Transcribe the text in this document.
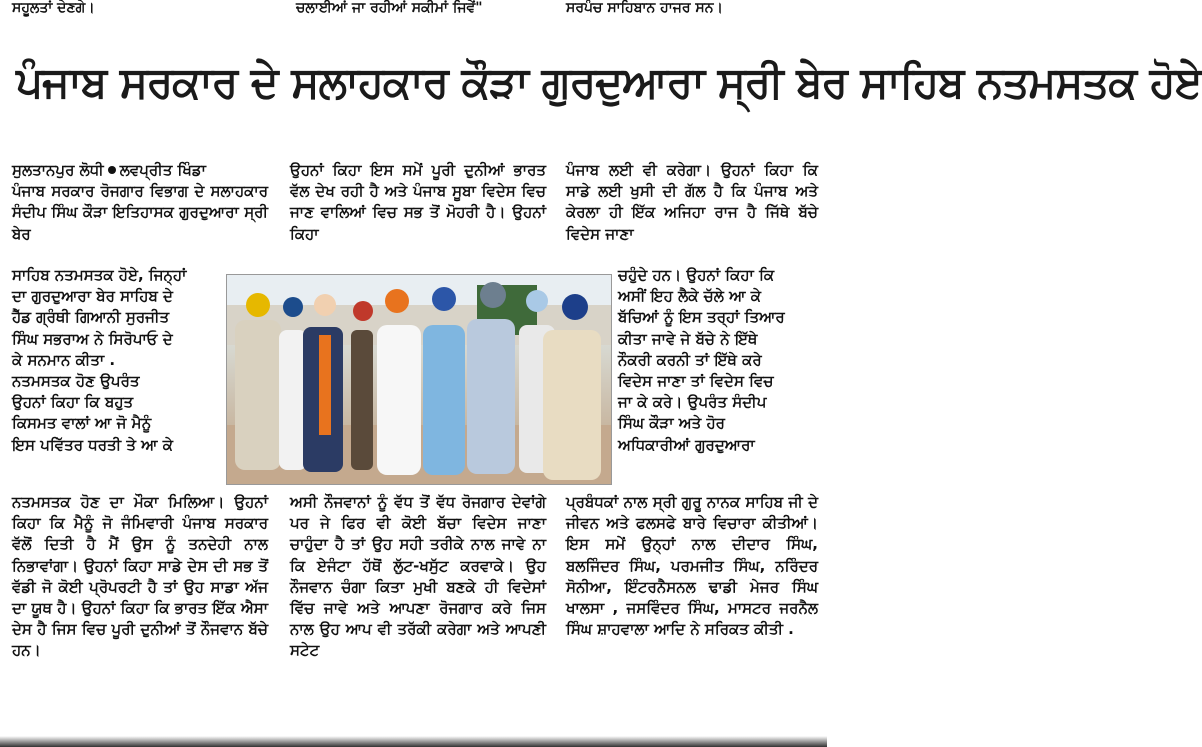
ਸਹੂਲਤਾਂ ਦੇਣਗੇ।	ਚਲਾਈਆਂ ਜਾ ਰਹੀਆਂ ਸਕੀਮਾਂ ਜਿਵੇਂ"	ਸਰਪੰਚ ਸਾਹਿਬਾਨ ਹਾਜਰ ਸਨ।
ਪੰਜਾਬ ਸਰਕਾਰ ਦੇ ਸਲਾਹਕਾਰ ਕੌੜਾ ਗੁਰਦੁਆਰਾ ਸ੍ਰੀ ਬੇਰ ਸਾਹਿਬ ਨਤਮਸਤਕ ਹੋਏ
ਸੁਲਤਾਨਪੁਰ ਲੋਧੀ ਲਵਪ੍ਰੀਤ ਖਿੰਡਾ
ਪੰਜਾਬ ਸਰਕਾਰ ਰੋਜਗਾਰ ਵਿਭਾਗ ਦੇ ਸਲਾਹਕਾਰ ਸੰਦੀਪ ਸਿੰਘ ਕੌੜਾ ਇਤਿਹਾਸਕ ਗੁਰਦੁਆਰਾ ਸ੍ਰੀ ਬੇਰ
ਸਾਹਿਬ ਨਤਮਸਤਕ ਹੋਏ, ਜਿਨ੍ਹਾਂ
ਦਾ ਗੁਰਦੁਆਰਾ ਬੇਰ ਸਾਹਿਬ ਦੇ
ਹੈੱਡ ਗ੍ਰੰਥੀ ਗਿਆਨੀ ਸੁਰਜੀਤ
ਸਿੰਘ ਸਭਰਾਅ ਨੇ ਸਿਰੋਪਾਓ ਦੇ
ਕੇ ਸਨਮਾਨ ਕੀਤਾ .
ਨਤਮਸਤਕ ਹੋਣ ਉਪਰੰਤ
ਉਹਨਾਂ ਕਿਹਾ ਕਿ ਬਹੁਤ
ਕਿਸਮਤ ਵਾਲਾਂ ਆ ਜੋ ਮੈਨੂੰ
ਇਸ ਪਵਿੱਤਰ ਧਰਤੀ ਤੇ ਆ ਕੇ
ਨਤਮਸਤਕ ਹੋਣ ਦਾ ਮੌਕਾ ਮਿਲਿਆ। ਉਹਨਾਂ ਕਿਹਾ ਕਿ ਮੈਨੂੰ ਜੋ ਜੰਮਿਵਾਰੀ ਪੰਜਾਬ ਸਰਕਾਰ ਵੱਲੋਂ ਦਿਤੀ ਹੈ ਮੈਂ ਉਸ ਨੂੰ ਤਨਦੇਹੀ ਨਾਲ ਨਿਭਾਵਾਂਗਾ। ਉਹਨਾਂ ਕਿਹਾ ਸਾਡੇ ਦੇਸ ਦੀ ਸਭ ਤੋਂ ਵੱਡੀ ਜੋ ਕੋਈ ਪ੍ਰੋਪਰਟੀ ਹੈ ਤਾਂ ਉਹ ਸਾਡਾ ਅੱਜ ਦਾ ਯੂਥ ਹੈ। ਉਹਨਾਂ ਕਿਹਾ ਕਿ ਭਾਰਤ ਇੱਕ ਐਸਾ ਦੇਸ ਹੈ ਜਿਸ ਵਿਚ ਪੂਰੀ ਦੁਨੀਆਂ ਤੋਂ ਨੌਜਵਾਨ ਬੱਚੇ ਹਨ।
ਉਹਨਾਂ ਕਿਹਾ ਇਸ ਸਮੇਂ ਪੂਰੀ ਦੁਨੀਆਂ ਭਾਰਤ ਵੱਲ ਦੇਖ ਰਹੀ ਹੈ ਅਤੇ ਪੰਜਾਬ ਸੂਬਾ ਵਿਦੇਸ ਵਿਚ ਜਾਣ ਵਾਲਿਆਂ ਵਿਚ ਸਭ ਤੋਂ ਮੋਹਰੀ ਹੈ। ਉਹਨਾਂ ਕਿਹਾ
ਅਸੀ ਨੌਜਵਾਨਾਂ ਨੂੰ ਵੱਧ ਤੋਂ ਵੱਧ ਰੋਜਗਾਰ ਦੇਵਾਂਗੇ ਪਰ ਜੇ ਫਿਰ ਵੀ ਕੋਈ ਬੱਚਾ ਵਿਦੇਸ ਜਾਣਾ ਚਾਹੁੰਦਾ ਹੈ ਤਾਂ ਉਹ ਸਹੀ ਤਰੀਕੇ ਨਾਲ ਜਾਵੇ ਨਾ ਕਿ ਏਜੰਟਾ ਹੱਥੋਂ ਲੁੱਟ-ਖਸੁੱਟ ਕਰਵਾਕੇ। ਉਹ ਨੌਜਵਾਨ ਚੰਗਾ ਕਿਤਾ ਮੁਖੀ ਬਣਕੇ ਹੀ ਵਿਦੇਸਾਂ ਵਿੱਚ ਜਾਵੇ ਅਤੇ ਆਪਣਾ ਰੋਜਗਾਰ ਕਰੇ ਜਿਸ ਨਾਲ ਉਹ ਆਪ ਵੀ ਤਰੱਕੀ ਕਰੇਗਾ ਅਤੇ ਆਪਣੀ ਸਟੇਟ
ਪੰਜਾਬ ਲਈ ਵੀ ਕਰੇਗਾ। ਉਹਨਾਂ ਕਿਹਾ ਕਿ ਸਾਡੇ ਲਈ ਖੁਸੀ ਦੀ ਗੱਲ ਹੈ ਕਿ ਪੰਜਾਬ ਅਤੇ ਕੇਰਲਾ ਹੀ ਇੱਕ ਅਜਿਹਾ ਰਾਜ ਹੈ ਜਿੱਥੇ ਬੱਚੇ ਵਿਦੇਸ ਜਾਣਾ
ਚਹੁੰਦੇ ਹਨ। ਉਹਨਾਂ ਕਿਹਾ ਕਿ
ਅਸੀਂ ਇਹ ਲੈਕੇ ਚੱਲੇ ਆ ਕੇ
ਬੱਚਿਆਂ ਨੂੰ ਇਸ ਤਰ੍ਹਾਂ ਤਿਆਰ
ਕੀਤਾ ਜਾਵੇ ਜੇ ਬੱਚੇ ਨੇ ਇੱਥੇ
ਨੌਕਰੀ ਕਰਨੀ ਤਾਂ ਇੱਥੇ ਕਰੇ
ਵਿਦੇਸ ਜਾਣਾ ਤਾਂ ਵਿਦੇਸ ਵਿਚ
ਜਾ ਕੇ ਕਰੇ। ਉਪਰੰਤ ਸੰਦੀਪ
ਸਿੰਘ ਕੌੜਾ ਅਤੇ ਹੋਰ
ਅਧਿਕਾਰੀਆਂ ਗੁਰਦੁਆਰਾ
ਪ੍ਰਬੰਧਕਾਂ ਨਾਲ ਸ੍ਰੀ ਗੁਰੂ ਨਾਨਕ ਸਾਹਿਬ ਜੀ ਦੇ ਜੀਵਨ ਅਤੇ ਫਲਸਫੇ ਬਾਰੇ ਵਿਚਾਰਾ ਕੀਤੀਆਂ। ਇਸ ਸਮੇਂ ਉਨ੍ਹਾਂ ਨਾਲ ਦੀਦਾਰ ਸਿੰਘ, ਬਲਜਿੰਦਰ ਸਿੰਘ, ਪਰਮਜੀਤ ਸਿੰਘ, ਨਰਿੰਦਰ ਸੋਨੀਆ, ਇੰਟਰਨੈਸਨਲ ਢਾਡੀ ਮੇਜਰ ਸਿੰਘ ਖਾਲਸਾ , ਜਸਵਿੰਦਰ ਸਿੰਘ, ਮਾਸਟਰ ਜਰਨੈਲ ਸਿੰਘ ਸ਼ਾਹਵਾਲਾ ਆਦਿ ਨੇ ਸਰਿਕਤ ਕੀਤੀ .
